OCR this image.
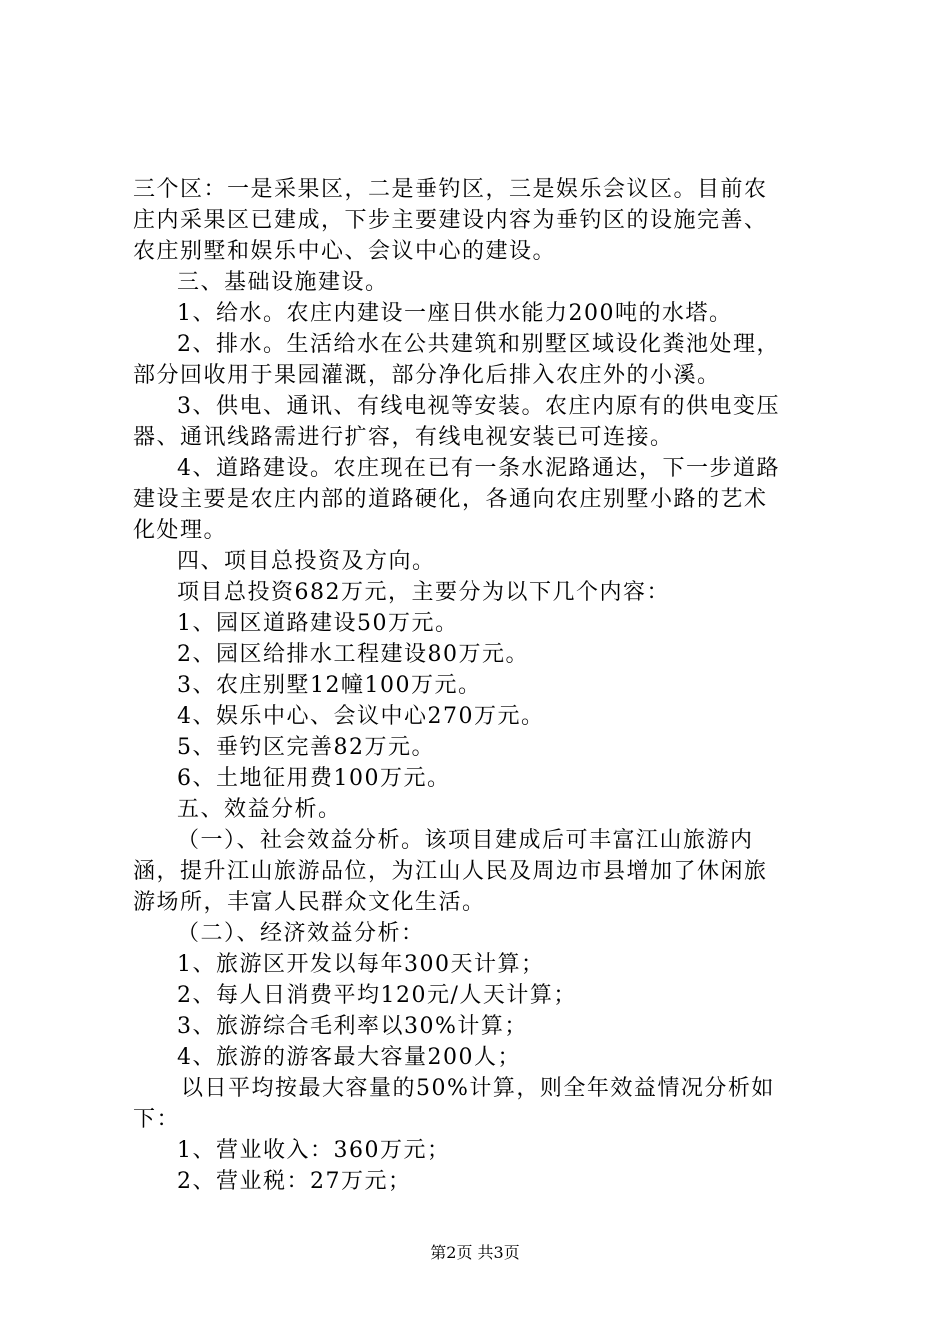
三个区：一是采果区，二是垂钓区，三是娱乐会议区。目前农
庄内采果区已建成，下步主要建设内容为垂钓区的设施完善、
农庄别墅和娱乐中心、会议中心的建设。
三、基础设施建设。
1、给水。农庄内建设一座日供水能力200吨的水塔。
2、排水。生活给水在公共建筑和别墅区域设化粪池处理，
部分回收用于果园灌溉，部分净化后排入农庄外的小溪。
3、供电、通讯、有线电视等安装。农庄内原有的供电变压
器、通讯线路需进行扩容，有线电视安装已可连接。
4、道路建设。农庄现在已有一条水泥路通达，下一步道路
建设主要是农庄内部的道路硬化，各通向农庄别墅小路的艺术
化处理。
四、项目总投资及方向。
项目总投资682万元，主要分为以下几个内容：
1、园区道路建设50万元。
2、园区给排水工程建设80万元。
3、农庄别墅12幢100万元。
4、娱乐中心、会议中心270万元。
5、垂钓区完善82万元。
6、土地征用费100万元。
五、效益分析。
（一）、社会效益分析。该项目建成后可丰富江山旅游内
涵，提升江山旅游品位，为江山人民及周边市县增加了休闲旅
游场所，丰富人民群众文化生活。
（二）、经济效益分析：
1、旅游区开发以每年300天计算；
2、每人日消费平均120元/人天计算；
3、旅游综合毛利率以30%计算；
4、旅游的游客最大容量200人；
以日平均按最大容量的50%计算，则全年效益情况分析如
下：
1、营业收入：360万元；
2、营业税：27万元；
第2页 共3页
